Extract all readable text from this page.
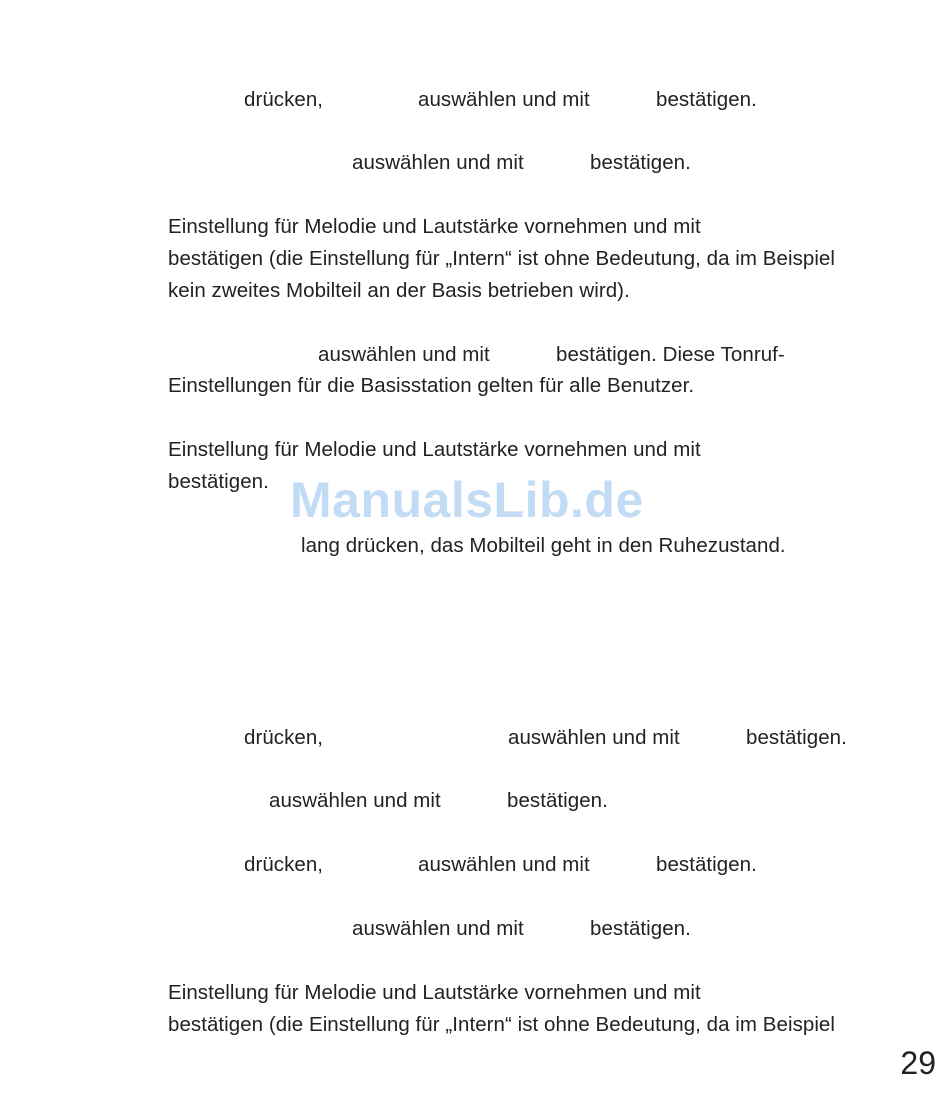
drücken,	auswählen und mit	bestätigen.
auswählen und mit	bestätigen.
Einstellung für Melodie und Lautstärke vornehmen und mit
bestätigen (die Einstellung für „Intern“ ist ohne Bedeutung, da im Beispiel
kein zweites Mobilteil an der Basis betrieben wird).
auswählen und mit	bestätigen. Diese Tonruf-
Einstellungen für die Basisstation gelten für alle Benutzer.
Einstellung für Melodie und Lautstärke vornehmen und mit
bestätigen.
lang drücken, das Mobilteil geht in den Ruhezustand.
drücken,	auswählen und mit	bestätigen.
auswählen und mit	bestätigen.
drücken,	auswählen und mit	bestätigen.
auswählen und mit	bestätigen.
Einstellung für Melodie und Lautstärke vornehmen und mit
bestätigen (die Einstellung für „Intern“ ist ohne Bedeutung, da im Beispiel
ManualsLib.de
29
